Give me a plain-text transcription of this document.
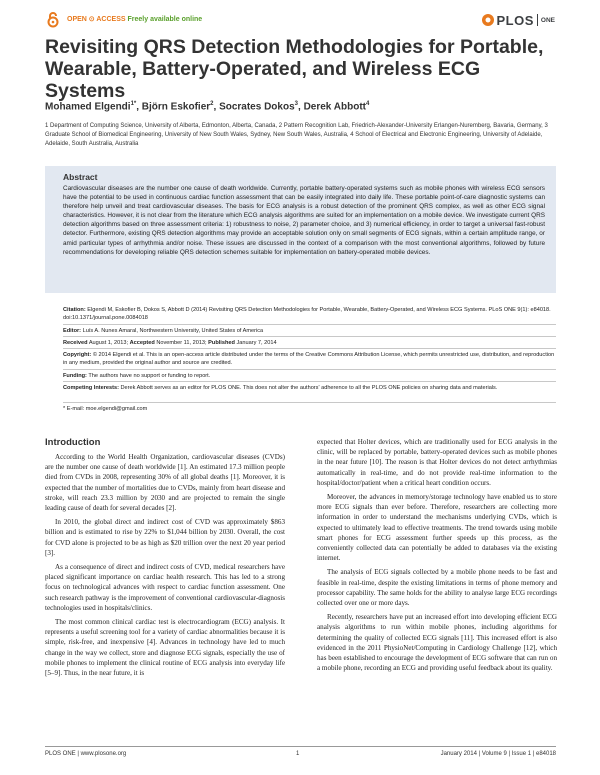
OPEN ⊙ ACCESS Freely available online	PLOS ONE
Revisiting QRS Detection Methodologies for Portable, Wearable, Battery-Operated, and Wireless ECG Systems
Mohamed Elgendi$^{1*}$, Björn Eskofier$^2$, Socrates Dokos$^3$, Derek Abbott$^4$
1 Department of Computing Science, University of Alberta, Edmonton, Alberta, Canada, 2 Pattern Recognition Lab, Friedrich-Alexander-University Erlangen-Nuremberg, Bavaria, Germany, 3 Graduate School of Biomedical Engineering, University of New South Wales, Sydney, New South Wales, Australia, 4 School of Electrical and Electronic Engineering, University of Adelaide, Adelaide, South Australia, Australia
Abstract
Cardiovascular diseases are the number one cause of death worldwide. Currently, portable battery-operated systems such as mobile phones with wireless ECG sensors have the potential to be used in continuous cardiac function assessment that can be easily integrated into daily life. These portable point-of-care diagnostic systems can therefore help unveil and treat cardiovascular diseases. The basis for ECG analysis is a robust detection of the prominent QRS complex, as well as other ECG signal characteristics. However, it is not clear from the literature which ECG analysis algorithms are suited for an implementation on a mobile device. We investigate current QRS detection algorithms based on three assessment criteria: 1) robustness to noise, 2) parameter choice, and 3) numerical efficiency, in order to target a universal fast-robust detector. Furthermore, existing QRS detection algorithms may provide an acceptable solution only on small segments of ECG signals, within a certain amplitude range, or amid particular types of arrhythmia and/or noise. These issues are discussed in the context of a comparison with the most conventional algorithms, followed by future recommendations for developing reliable QRS detection schemes suitable for implementation on battery-operated mobile devices.
Citation: Elgendi M, Eskofier B, Dokos S, Abbott D (2014) Revisiting QRS Detection Methodologies for Portable, Wearable, Battery-Operated, and Wireless ECG Systems. PLoS ONE 9(1): e84018. doi:10.1371/journal.pone.0084018
Editor: Luís A. Nunes Amaral, Northwestern University, United States of America
Received August 1, 2013; Accepted November 11, 2013; Published January 7, 2014
Copyright: © 2014 Elgendi et al. This is an open-access article distributed under the terms of the Creative Commons Attribution License, which permits unrestricted use, distribution, and reproduction in any medium, provided the original author and source are credited.
Funding: The authors have no support or funding to report.
Competing Interests: Derek Abbott serves as an editor for PLOS ONE. This does not alter the authors' adherence to all the PLOS ONE policies on sharing data and materials.
* E-mail: moe.elgendi@gmail.com
Introduction

According to the World Health Organization, cardiovascular diseases (CVDs) are the number one cause of death worldwide [1]. An estimated 17.3 million people died from CVDs in 2008, representing 30% of all global deaths [1]. Moreover, it is expected that the number of mortalities due to CVDs, mainly from heart disease and stroke, will reach 23.3 million by 2030 and are projected to remain the single leading cause of death for several decades [2].

In 2010, the global direct and indirect cost of CVD was approximately $863 billion and is estimated to rise by 22% to $1,044 billion by 2030. Overall, the cost for CVD alone is projected to be as high as $20 trillion over the next 20 year period [3].

As a consequence of direct and indirect costs of CVD, medical researchers have placed significant importance on cardiac health research. This has led to a strong focus on technological advances with respect to cardiac function assessment. One such research pathway is the improvement of conventional cardiovascular-diagnosis technologies used in hospitals/clinics.

The most common clinical cardiac test is electrocardiogram (ECG) analysis. It represents a useful screening tool for a variety of cardiac abnormalities because it is simple, risk-free, and inexpensive [4]. Advances in technology have led to much change in the way we collect, store and diagnose ECG signals, especially the use of mobile phones to implement the clinical routine of ECG analysis into everyday life [5–9]. Thus, in the near future, it is

expected that Holter devices, which are traditionally used for ECG analysis in the clinic, will be replaced by portable, battery-operated devices such as mobile phones in the near future [10]. The reason is that Holter devices do not detect arrhythmias automatically in real-time, and do not provide real-time information to the hospital/doctor/patient when a critical heart condition occurs.

Moreover, the advances in memory/storage technology have enabled us to store more ECG signals than ever before. Therefore, researchers are collecting more information in order to understand the mechanisms underlying CVDs, which is expected to ultimately lead to effective treatments. The trend towards using mobile smart phones for ECG assessment further speeds up this process, as the conveniently collected data can potentially be added to databases via the existing internet.

The analysis of ECG signals collected by a mobile phone needs to be fast and feasible in real-time, despite the existing limitations in terms of phone memory and processor capability. The same holds for the ability to analyse large ECG recordings collected over one or more days.

Recently, researchers have put an increased effort into developing efficient ECG analysis algorithms to run within mobile phones, including algorithms for determining the quality of collected ECG signals [11]. This increased effort is also evidenced in the 2011 PhysioNet/Computing in Cardiology Challenge [12], which has been established to encourage the development of ECG software that can run on a mobile phone, recording an ECG and providing useful feedback about its quality.

PLOS ONE | www.plosone.org	1	January 2014 | Volume 9 | Issue 1 | e84018
